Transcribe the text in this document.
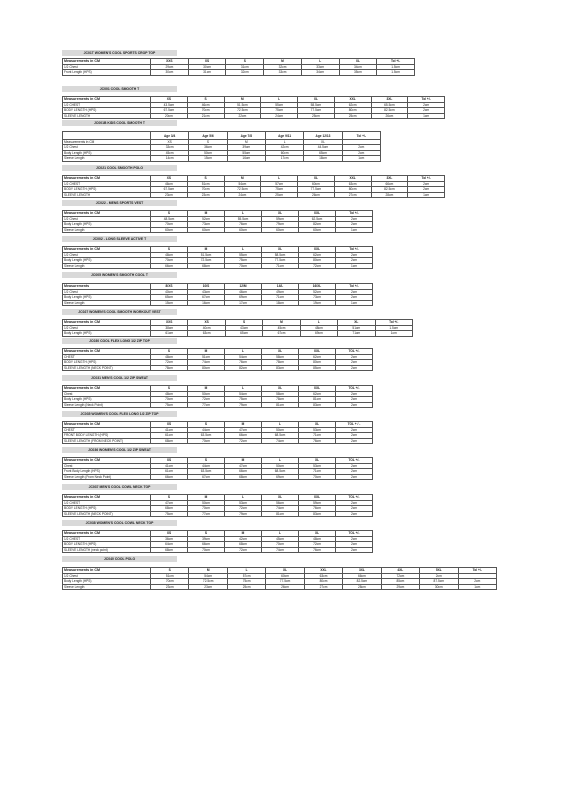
JC01T WOMEN'S COOL SPORTS CROP TOP
Measurements in CM	XXS	XS	S	M	L	XL	Tol +/-
1/2 Chest	29cm	30cm	31cm	32cm	33cm	34cm	1.5cm
Front Length (HPS)	30cm	31cm	32cm	33cm	34cm	35cm	1.5cm
JC001 COOL SMOOTH T
Measurements in CM	XS	S	M	L	XL	XXL	3XL	Tol +/-
1/2 CHEST	43.5cm	46cm	51.5cm	55cm	58.5cm	62cm	65.5cm	2cm
BODY LENGTH (HPS)	67.5cm	70cm	72.5cm	75cm	77.5cm	80cm	82.5cm	2cm
SLEEVE LENGTH	20cm	21cm	22cm	24cm	25cm	25cm	26cm	1cm
JC001B KIDS COOL SMOOTH T
	Age 3/4	Age 5/6	Age 7/8	Age 9/11	Age 12/13	Tol +/-
Measurements in CM	XS	S	M	L	XL	
1/2 Chest	33cm	36cm	39cm	42cm	44.5cm	2cm
Body Length (HPS)	45cm	50cm	55cm	60cm	65cm	2cm
Sleeve Length	14cm	15cm	16cm	17cm	18cm	1cm
JC021 COOL SMOOTH POLO
Measurements in CM	XS	S	M	L	XL	XXL	3XL	Tol +/-
1/2 CHEST	46cm	51cm	54cm	57cm	60cm	63cm	66cm	2cm
BODY LENGTH (HPS)	67.5cm	70cm	72.5cm	75cm	77.5cm	80cm	82.5cm	2cm
SLEEVE LENGTH	23cm	23cm	24cm	25cm	26cm	27cm	28cm	1cm
JC022 - MENS SPORTS VEST
Measurements in CM	S	M	L	XL	XXL	Tol +/-
1/2 Chest	48.5cm	52cm	55.5cm	59cm	62.5cm	2cm
Body Length (HPS)	70cm	73cm	76cm	79cm	82cm	2cm
Sleeve Length	60cm	60cm	60cm	60cm	60cm	1cm
JC002 - LONG SLEEVE ACTIVE T
Measurements in CM	S	M	L	XL	XXL	Tol +/-
1/2 Chest	48cm	51.5cm	55cm	58.5cm	62cm	2cm
Body Length (HPS)	70cm	72.5cm	75cm	77.5cm	80cm	2cm
Sleeve Length	66cm	68cm	70cm	71cm	72cm	1cm
JC005 WOMEN'S SMOOTH COOL T
Measurements	8/XS	10/S	12/M	14/L	16/XL	Tol +/-
1/2 Chest	40cm	43cm	46cm	49cm	52cm	2cm
Body Length (HPS)	65cm	67cm	69cm	71cm	73cm	2cm
Sleeve Length	15cm	16cm	17cm	18cm	19cm	1cm
JC027 WOMEN'S COOL SMOOTH WORKOUT VEST
Measurements in CM	XXS	XS	S	M	L	XL	Tol +/-
1/2 Chest	38cm	40cm	43cm	45cm	48cm	51cm	1.5cm
Body Length (HPS)	61cm	63cm	65cm	67cm	69cm	71cm	1cm
JC030 COOL FLEX LONG 1/2 ZIP TOP
Measurements in CM	S	M	L	XL	XXL	TOL +/-
CHEST	48cm	51cm	54cm	58cm	62cm	2cm
BODY LENGTH (HPS)	72cm	74cm	76cm	78cm	80cm	2cm
SLEEVE LENGTH (NECK POINT)	78cm	80cm	82cm	83cm	85cm	2cm
JC031 MEN'S COOL 1/2 ZIP SWEAT
Measurements in CM	S	M	L	XL	XXL	TOL +/-
Chest	48cm	50cm	54cm	58cm	62cm	2cm
Body Length (HPS)	70cm	72cm	75cm	78cm	81cm	2cm
Sleeve Length (Neck Point)	75cm	77cm	79cm	81cm	83cm	2cm
JC035 WOMEN'S COOL FLEX LONG 1/2 ZIP TOP
Measurements in CM	XS	S	M	L	XL	TOL + / -
CHEST	41cm	44cm	47cm	50cm	53cm	2cm
FRONT BODY LENGTH (HPS)	61cm	63.5cm	66cm	68.5cm	71cm	2cm
SLEEVE LENGTH (FROM NECK POINT)	68cm	70cm	72cm	74cm	76cm	2cm
JC036 WOMEN'S COOL 1/2 ZIP SWEAT
Measurements in CM	XS	S	M	L	XL	TOL +/-
Chest	41cm	44cm	47cm	50cm	53cm	2cm
Front Body Length (HPS)	61cm	63.5cm	66cm	68.5cm	71cm	2cm
Sleeve Length (From Neck Point)	66cm	67cm	68cm	69cm	70cm	2cm
JC037 MEN'S COOL COWL NECK TOP
Measurements in CM	S	M	L	XL	XXL	TOL +/-
1/2 CHEST	47cm	50cm	53cm	56cm	59cm	2cm
BODY LENGTH (HPS)	68cm	70cm	72cm	74cm	76cm	2cm
SLEEVE LENGTH (NECK POINT)	75cm	77cm	79cm	81cm	83cm	2cm
JC038 WOMEN'S COOL COWL NECK TOP
Measurements in CM	XS	S	M	L	XL	TOL +/-
1/2 CHEST	36cm	39cm	42cm	45cm	48cm	2cm
BODY LENGTH (HPS)	64cm	66cm	68cm	70cm	72cm	2cm
SLEEVE LENGTH (neck point)	68cm	70cm	72cm	74cm	76cm	2cm
JC040 COOL POLO
Measurements in CM	S	M	L	XL	XXL	3XL	4XL	5XL	Tol +/-
1/2 Chest	51cm	54cm	57cm	60cm	63cm	66cm	72cm	2cm	
Body Length (HPS)	70cm	72.5cm	75cm	77.5cm	80cm	82.5cm	85cm	87.5cm	2cm
Sleeve Length	23cm	23cm	25cm	26cm	27cm	28cm	29cm	30cm	1cm
